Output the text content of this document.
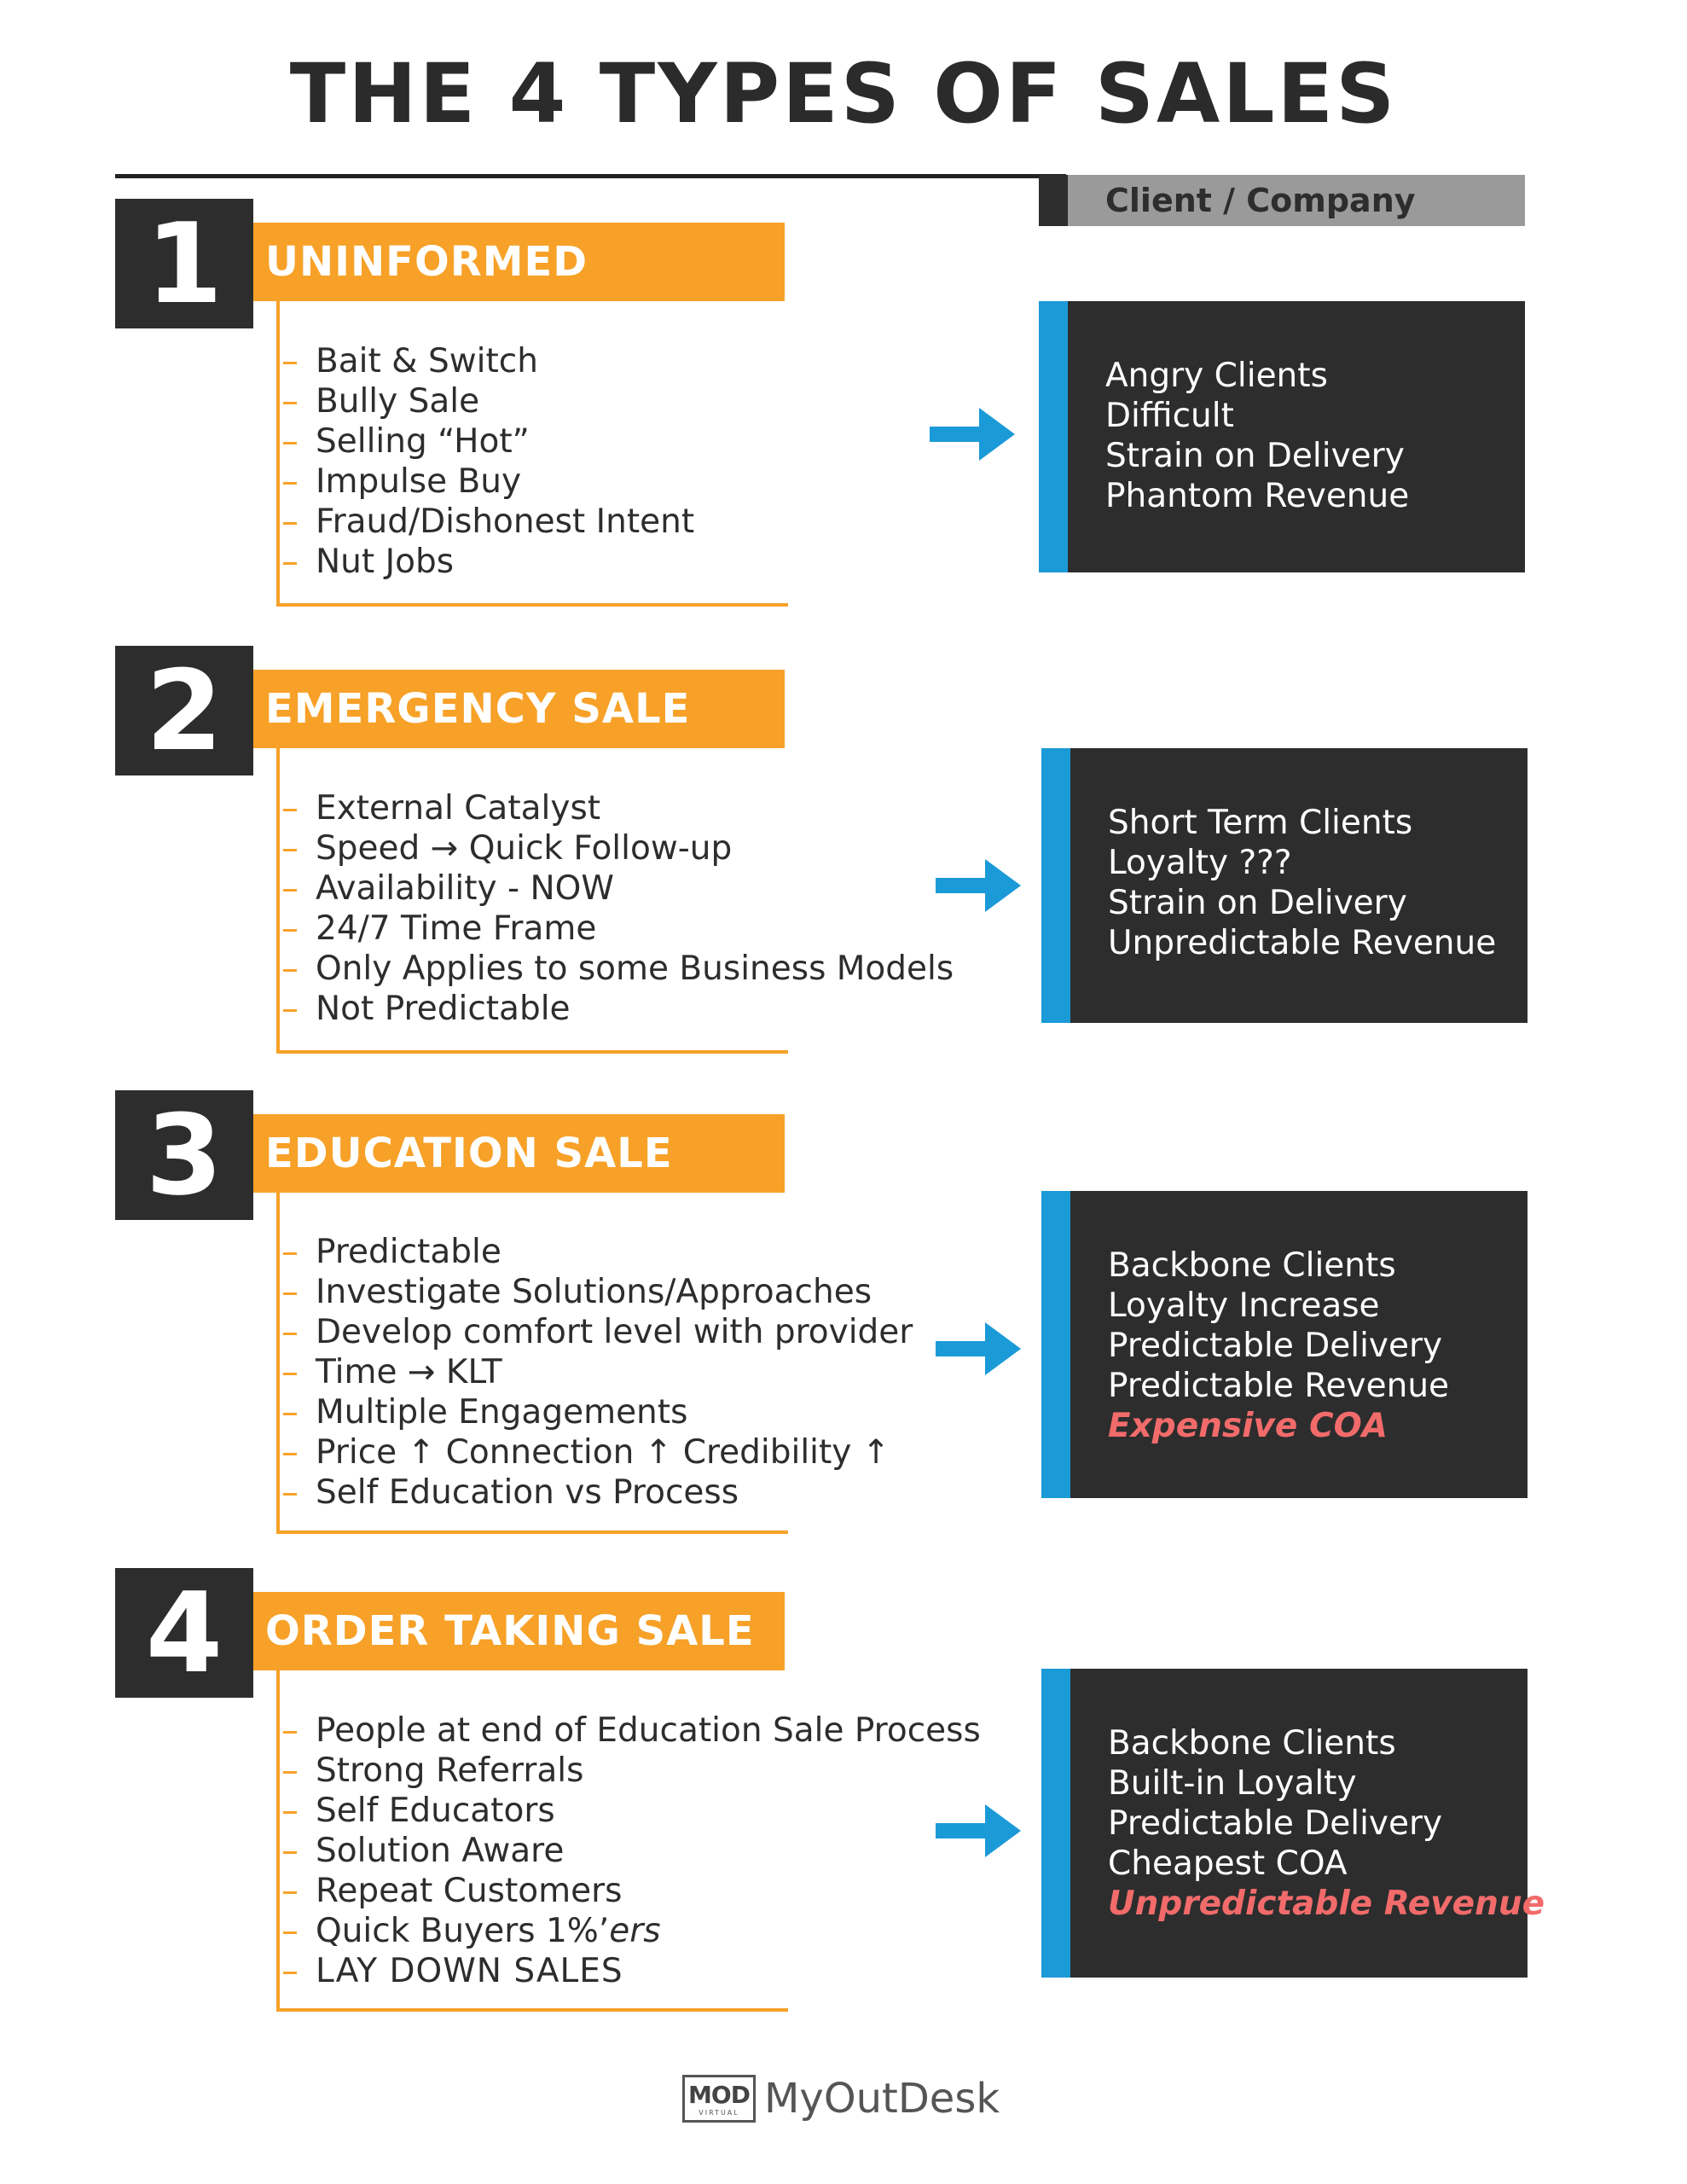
THE 4 TYPES OF SALES
Client / Company
1	UNINFORMED
Bait & Switch
Bully Sale
Selling “Hot”
Impulse Buy
Fraud/Dishonest Intent
Nut Jobs
Angry Clients
Difficult
Strain on Delivery
Phantom Revenue
2	EMERGENCY SALE
External Catalyst
Speed → Quick Follow-up
Availability - NOW
24/7 Time Frame
Only Applies to some Business Models
Not Predictable
Short Term Clients
Loyalty ???
Strain on Delivery
Unpredictable Revenue
3	EDUCATION SALE
Predictable
Investigate Solutions/Approaches
Develop comfort level with provider
Time → KLT
Multiple Engagements
Price ↑ Connection ↑ Credibility ↑
Self Education vs Process
Backbone Clients
Loyalty Increase
Predictable Delivery
Predictable Revenue
Expensive COA
4	ORDER TAKING SALE
People at end of Education Sale Process
Strong Referrals
Self Educators
Solution Aware
Repeat Customers
Quick Buyers 1%’ers
LAY DOWN SALES
Backbone Clients
Built-in Loyalty
Predictable Delivery
Cheapest COA
Unpredictable Revenue
MOD
VIRTUAL MyOutDesk
